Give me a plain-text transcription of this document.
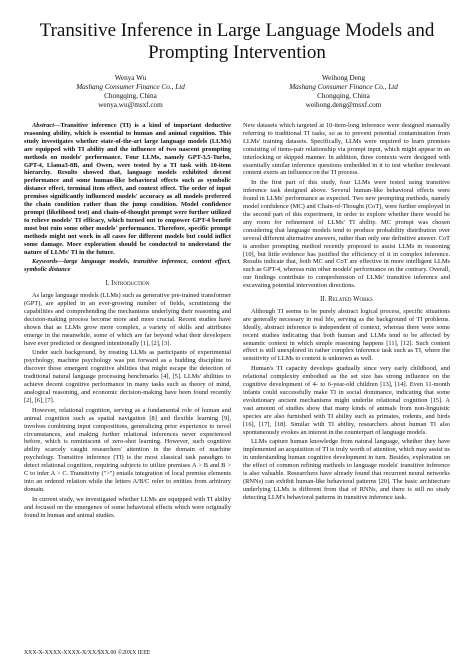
Transitive Inference in Large Language Models and Prompting Intervention
Wenya Wu
Mashang Consumer Finance Co., Ltd
Chongqing, China
wenya.wu@msxf.com
Weihong Deng
Mashang Consumer Finance Co., Ltd
Chongqing, China
weihong.deng@msxf.com

Abstract—Transitive inference (TI) is a kind of important deductive reasoning ability, which is essential to human and animal cognition. This study investigates whether state-of-the-art large language models (LLMs) are equipped with TI ability and the influence of two nascent prompting methods on models' performance. Four LLMs, namely GPT-3.5-Turbo, GPT-4, Llama3-8B, and Owen, were tested by a TI task with 10-item hierarchy. Results showed that, language models exhibited decent performance and some human-like behavioral effects such as symbolic distance effect, terminal item effect, and context effect. The order of input premises significantly influenced models' accuracy as all models preferred the chain condition rather than the jump condition. Model confidence prompt (likelihood test) and chain-of-thought prompt were further utilized to relieve models' TI efficacy, which turned out to empower GPT-4 benefit most but ruin some other models' performance. Therefore, specific prompt methods might not work in all cases for different models but could inflict some damage. More exploration should be conducted to understand the nature of LLMs' TI in the future.

Keywords—large language models, transitive inference, content effect, symbolic distance

I. Introduction

As large language models (LLMs) such as generative pre-trained transformer (GPT), are applied in an ever-growing number of fields, scrutinizing the capabilities and comprehending the mechanisms underlying their reasoning and decision-making process become more and more crucial. Recent studies have shown that as LLMs grow more complex, a variety of skills and attributes emerge in the meanwhile, some of which are far beyond what their developers have ever predicted or designed intentionally [1], [2], [3].

Under such background, by treating LLMs as participants of experimental psychology, machine psychology was put forward as a budding discipline to discover those emergent cognitive abilities that might escape the detection of traditional natural language processing benchmarks [4], [5]. LLMs' abilities to achieve decent cognitive performance in many tasks such as theory of mind, analogical reasoning, and economic decision-making have been found recently [2], [6], [7].

However, relational cognition, serving as a fundamental role of human and animal cognition such as spatial navigation [8] and flexible learning [9], involves combining input compositions, generalizing prior experience to novel circumstances, and making further relational inferences never experienced before, which is reminiscent of zero-shot learning. However, such cognitive ability scarcely caught researchers' attention in the domain of machine psychology. Transitive inference (TI) is the most classical task paradigm to detect relational cognition, requiring subjects to utilize premises A > B and B > C to infer A > C. Transitivity (">") entails integration of local premise elements into an ordered relation while the letters A/B/C refer to entities from arbitrary domain.

In current study, we investigated whether LLMs are equipped with TI ability and focused on the emergence of some behavioral effects which were originally found in human and animal studies.

New datasets which targeted at 10-item-long inference were designed manually referring to traditional TI tasks, so as to prevent potential contamination from LLMs' training datasets. Specifically, LLMs were required to learn premises consisting of items-pair relationship via prompt input, which might appear in an interlocking or skipped manner. In addition, three contexts were designed with essentially similar inference questions embedded in it to test whether irrelevant content exerts an influence on the TI process.

In the first part of this study, four LLMs were tested using transitive inference task designed above. Several human-like behavioral effects were found in LLMs' performance as expected. Two new prompting methods, namely model confidence (MC) and Chain-of-Thought (CoT), were further employed in the second part of this experiment, in order to explore whether there would be any room for refinement of LLMs' TI ability. MC prompt was chosen considering that language models tend to produce probability distribution over several different alternative answers, rather than only one definitive answer. CoT is another prompting method recently proposed to assist LLMs in reasoning [10], but little evidence has justified the efficiency of it in complex inference. Results indicate that, both MC and CoT are effective in more intelligent LLMs such as GPT-4, whereas ruin other models' performance on the contrary. Overall, our findings contribute to comprehension of LLMs' transitive inference and excavating potential intervention directions.

II. Related Works

Although TI seems to be purely abstract logical process, specific situations are generally necessary in real life, serving as the background of TI problems. Ideally, abstract inference is independent of context, whereas there were some recent studies indicating that both human and LLMs tend to be affected by semantic context in which simple reasoning happens [11], [12]. Such content effect is still unexplored in rather complex inference task such as TI, where the sensitivity of LLMs to context is unknown as well.

Human's TI capacity develops gradually since very early childhood, and relational complexity embodied as the set size has strong influence on the cognitive development of 4- to 6-year-old children [13], [14]. Even 11-month infants could successfully make TI in social dominance, indicating that some evolutionary ancient mechanisms might underlie relational cognition [15]. A vast amount of studies show that many kinds of animals from non-linguistic species are also furnished with TI ability such as primates, rodents, and birds [16], [17], [18]. Similar with TI ability, researchers about human TI also spontaneously evokes an interest in the counterpart of language models.

LLMs capture human knowledge from natural language, whether they have implemented an acquisition of TI is truly worth of attention, which may assist us in understanding human cognitive development in turn. Besides, exploration on the effect of common refining methods to language models' transitive inference is also valuable. Researchers have already found that recurrent neural networks (RNNs) can exhibit human-like behavioral patterns [20]. The basic architecture underlying LLMs is different from that of RNNs, and there is still no study detecting LLM's behavioral patterns in transitive inference task.

XXX-X-XXXX-XXXX-X/XX/$XX.00 ©20XX IEEE
